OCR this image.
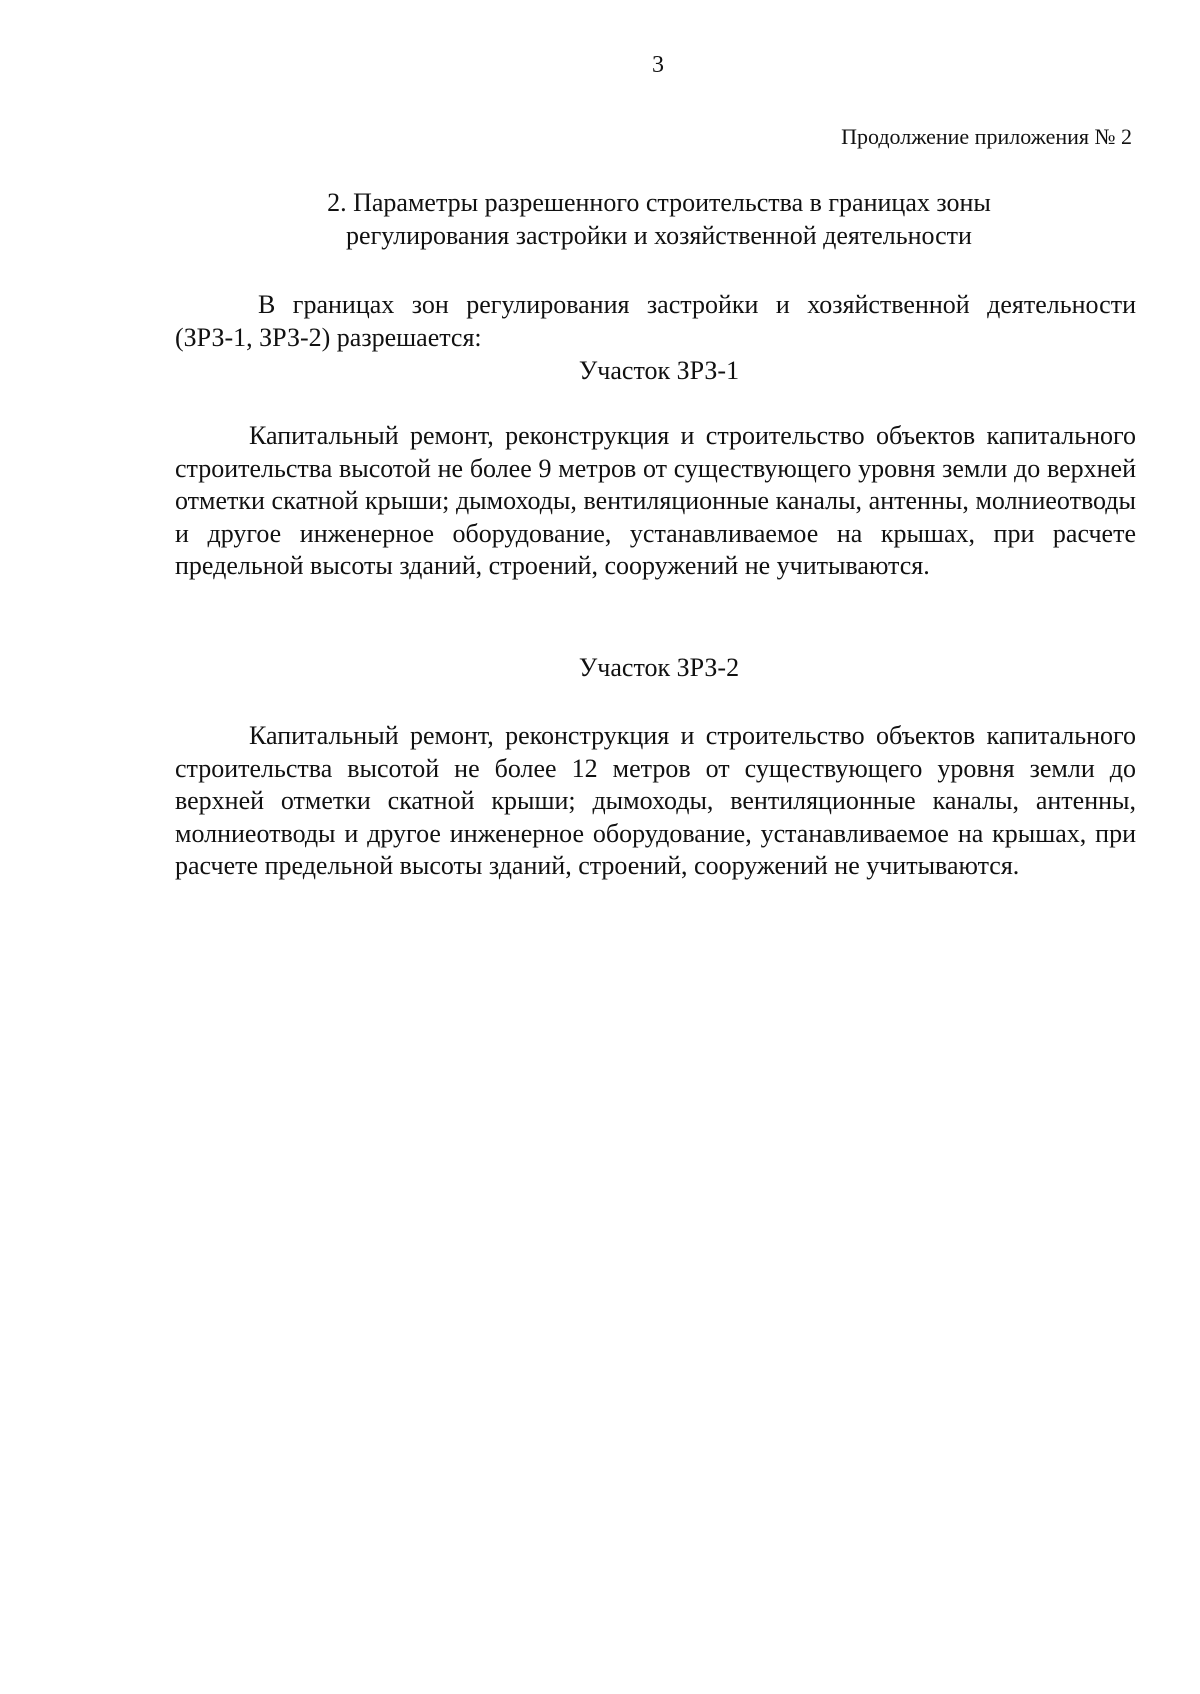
3
Продолжение приложения № 2
2. Параметры разрешенного строительства в границах зоны
регулирования застройки и хозяйственной деятельности
В границах зон регулирования застройки и хозяйственной деятельности (ЗРЗ-1, ЗРЗ-2) разрешается:
Участок ЗРЗ-1
Капитальный ремонт, реконструкция и строительство объектов капитального строительства высотой не более 9 метров от существующего уровня земли до верхней отметки скатной крыши; дымоходы, вентиляционные каналы, антенны, молниеотводы и другое инженерное оборудование, устанавливаемое на крышах, при расчете предельной высоты зданий, строений, сооружений не учитываются.
Участок ЗРЗ-2
Капитальный ремонт, реконструкция и строительство объектов капитального строительства высотой не более 12 метров от существующего уровня земли до верхней отметки скатной крыши; дымоходы, вентиляционные каналы, антенны, молниеотводы и другое инженерное оборудование, устанавливаемое на крышах, при расчете предельной высоты зданий, строений, сооружений не учитываются.
